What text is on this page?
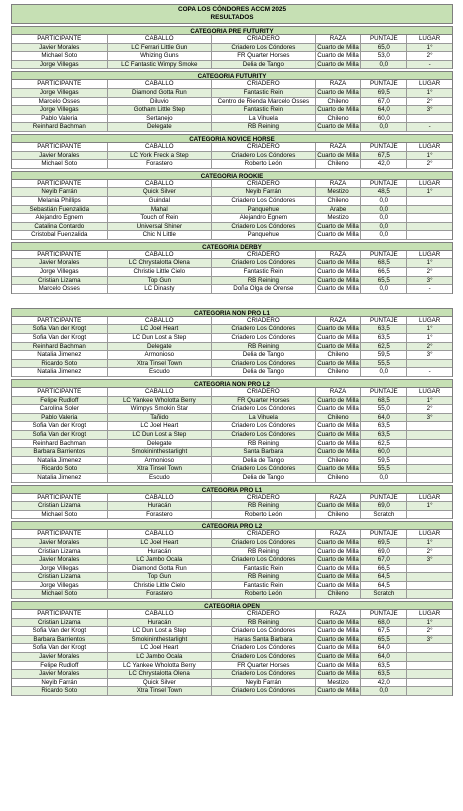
COPA LOS CÓNDORES ACCM 2025
RESULTADOS
CATEGORIA PRE FUTURITY
PARTICIPANTE	CABALLO	CRIADERO	RAZA	PUNTAJE	LUGAR
Javier Morales	LC Ferrari Little Gun	Criadero Los Cóndores	Cuarto de Milla	65,0	1°
Michael Soto	Whizing Guns	FR Quarter Horses	Cuarto de Milla	53,0	2°
Jorge Villegas	LC Fantastic Wimpy Smoke	Delia de Tango	Cuarto de Milla	0,0	-
CATEGORIA FUTURITY
PARTICIPANTE	CABALLO	CRIADERO	RAZA	PUNTAJE	LUGAR
Jorge Villegas	Diamond Gotta Run	Fantastic Rein	Cuarto de Milla	69,5	1°
Marcelo Osses	Diluvio	Centro de Rienda Marcelo Osses	Chileno	67,0	2°
Jorge Villegas	Gotham Little Step	Fantastic Rein	Cuarto de Milla	64,0	3°
Pablo Valeria	Sertanejo	La Vihuela	Chileno	60,0
Reinhard Bachman	Delegate	RB Reining	Cuarto de Milla	0,0	-
CATEGORIA NOVICE HORSE
PARTICIPANTE	CABALLO	CRIADERO	RAZA	PUNTAJE	LUGAR
Javier Morales	LC York Freck a Step	Criadero Los Cóndores	Cuarto de Milla	67,5	1°
Michael Soto	Forastero	Roberto León	Chileno	42,0	2°
CATEGORIA ROOKIE
PARTICIPANTE	CABALLO	CRIADERO	RAZA	PUNTAJE	LUGAR
Neyib Farrán	Quick Silver	Neyib Farrán	Mestizo	48,5	1°
Melania Phillips	Guindal	Criadero Los Cóndores	Chileno	0,0
Sebastián Fuenzalida	Mahal	Panquehue	Arabe	0,0
Alejandro Egnem	Touch of Rein	Alejandro Egnem	Mestizo	0,0
Catalina Contardo	Universal Shiner	Criadero Los Cóndores	Cuarto de Milla	0,0
Cristobal Fuenzalida	Chic N Little	Panquehue	Cuarto de Milla	0,0
CATEGORIA DERBY
PARTICIPANTE	CABALLO	CRIADERO	RAZA	PUNTAJE	LUGAR
Javier Morales	LC Chrystalotta Olena	Criadero Los Cóndores	Cuarto de Milla	68,5	1°
Jorge Villegas	Christie Little Cielo	Fantastic Rein	Cuarto de Milla	66,5	2°
Cristian Lizama	Top Gun	RB Reining	Cuarto de Milla	65,5	3°
Marcelo Osses	LC Dinasty	Doña Olga de Orense	Cuarto de Milla	0,0	-
CATEGORIA NON PRO L1
PARTICIPANTE	CABALLO	CRIADERO	RAZA	PUNTAJE	LUGAR
Sofia Van der Krogt	LC Joel Heart	Criadero Los Cóndores	Cuarto de Milla	63,5	1°
Sofia Van der Krogt	LC Dun Lost a Step	Criadero Los Cóndores	Cuarto de Milla	63,5	1°
Reinhard Bachman	Delegate	RB Reining	Cuarto de Milla	62,5	2°
Natalia Jimenez	Armonioso	Delia de Tango	Chileno	59,5	3°
Ricardo Soto	Xtra Tinsel Town	Criadero Los Cóndores	Cuarto de Milla	55,5
Natalia Jimenez	Escudo	Delia de Tango	Chileno	0,0	-
CATEGORIA NON PRO L2
PARTICIPANTE	CABALLO	CRIADERO	RAZA	PUNTAJE	LUGAR
Felipe Rudloff	LC Yankee Wholotta Berry	FR Quarter Horses	Cuarto de Milla	68,5	1°
Carolina Soler	Wimpys Smokin Star	Criadero Los Cóndores	Cuarto de Milla	55,0	2°
Pablo Valeria	Tañido	La Vihuela	Chileno	64,0	3°
Sofia Van der Krogt	LC Joel Heart	Criadero Los Cóndores	Cuarto de Milla	63,5
Sofia Van der Krogt	LC Dun Lost a Step	Criadero Los Cóndores	Cuarto de Milla	63,5
Reinhard Bachman	Delegate	RB Reining	Cuarto de Milla	62,5
Barbara Barrientos	Smokininthestarlight	Santa Barbara	Cuarto de Milla	60,0
Natalia Jimenez	Armonioso	Delia de Tango	Chileno	59,5
Ricardo Soto	Xtra Tinsel Town	Criadero Los Cóndores	Cuarto de Milla	55,5
Natalia Jimenez	Escudo	Delia de Tango	Chileno	0,0
CATEGORIA PRO L1
PARTICIPANTE	CABALLO	CRIADERO	RAZA	PUNTAJE	LUGAR
Cristian Lizama	Huracán	RB Reining	Cuarto de Milla	69,0	1°
Michael Soto	Forastero	Roberto León	Chileno	Scratch
CATEGORIA PRO L2
PARTICIPANTE	CABALLO	CRIADERO	RAZA	PUNTAJE	LUGAR
Javier Morales	LC Joel Heart	Criadero Los Cóndores	Cuarto de Milla	69,5	1°
Cristian Lizama	Huracán	RB Reining	Cuarto de Milla	69,0	2°
Javier Morales	LC Jambo Ocala	Criadero Los Cóndores	Cuarto de Milla	67,0	3°
Jorge Villegas	Diamond Gotta Run	Fantastic Rein	Cuarto de Milla	66,5
Cristian Lizama	Top Gun	RB Reining	Cuarto de Milla	64,5
Jorge Villegas	Christie Little Cielo	Fantastic Rein	Cuarto de Milla	64,5
Michael Soto	Forastero	Roberto León	Chileno	Scratch
CATEGORIA OPEN
PARTICIPANTE	CABALLO	CRIADERO	RAZA	PUNTAJE	LUGAR
Cristian Lizama	Huracán	RB Reining	Cuarto de Milla	68,0	1°
Sofia Van der Krogt	LC Dun Lost a Step	Criadero Los Cóndores	Cuarto de Milla	67,5	2°
Barbara Barrientos	Smokininthestarlight	Haras Santa Barbara	Cuarto de Milla	65,5	3°
Sofia Van der Krogt	LC Joel Heart	Criadero Los Cóndores	Cuarto de Milla	64,0
Javier Morales	LC Jambo Ocala	Criadero Los Cóndores	Cuarto de Milla	64,0
Felipe Rudloff	LC Yankee Wholotta Berry	FR Quarter Horses	Cuarto de Milla	63,5
Javier Morales	LC Chrystalotta Olena	Criadero Los Cóndores	Cuarto de Milla	63,5
Neyib Farrán	Quick Silver	Neyib Farrán	Mestizo	42,0
Ricardo Soto	Xtra Tinsel Town	Criadero Los Cóndores	Cuarto de Milla	0,0
